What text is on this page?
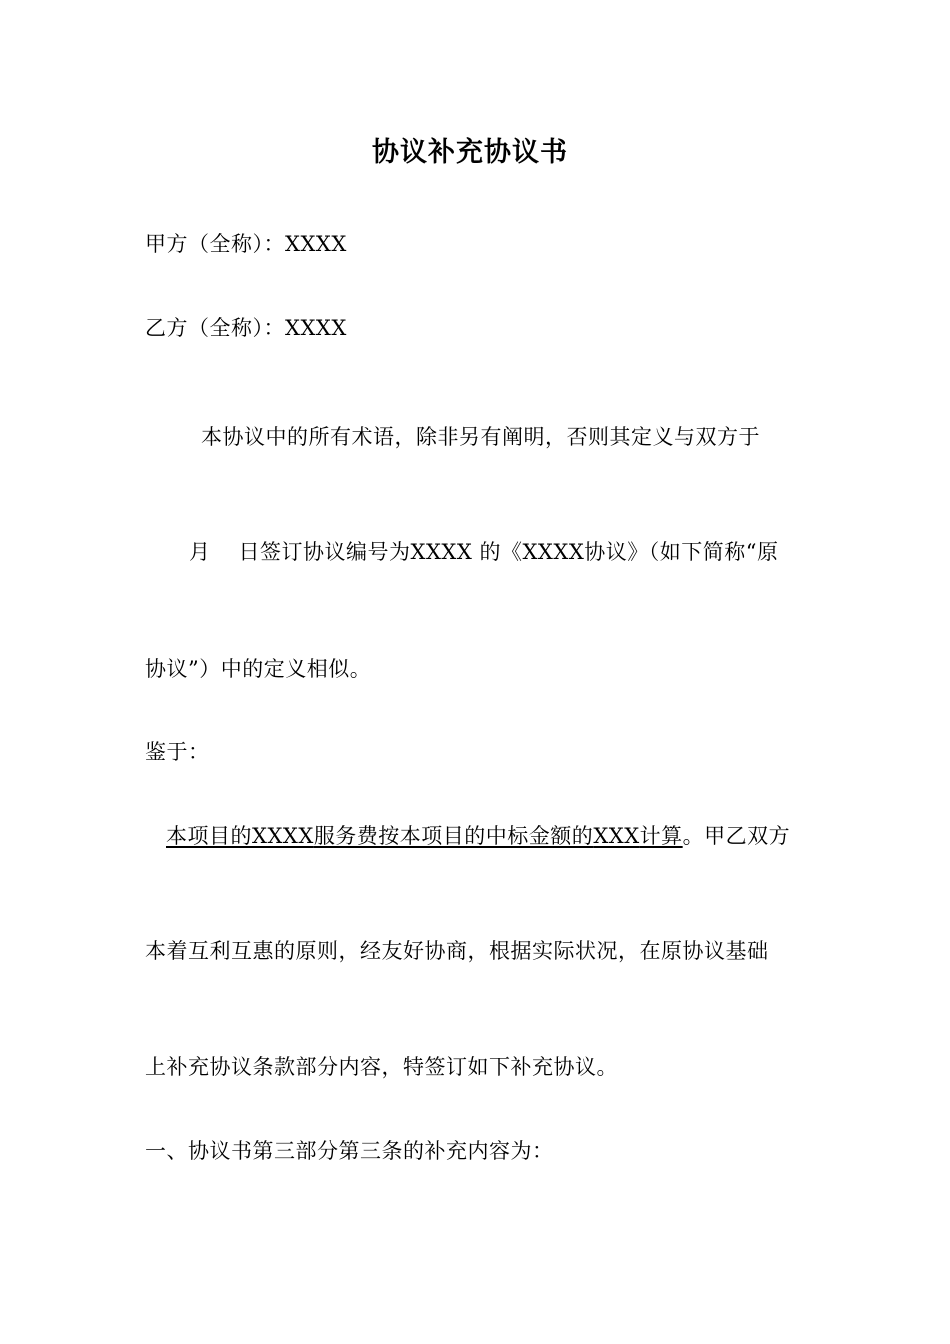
协议补充协议书
甲方（全称）：XXXX
乙方（全称）：XXXX
本协议中的所有术语，除非另有阐明，否则其定义与双方于
月 日签订协议编号为XXXX 的《XXXX协议》（如下简称“原
协议”）中的定义相似。
鉴于：
本项目的XXXX服务费按本项目的中标金额的XXX计算。甲乙双方
本着互利互惠的原则，经友好协商，根据实际状况，在原协议基础
上补充协议条款部分内容，特签订如下补充协议。
一、协议书第三部分第三条的补充内容为：
